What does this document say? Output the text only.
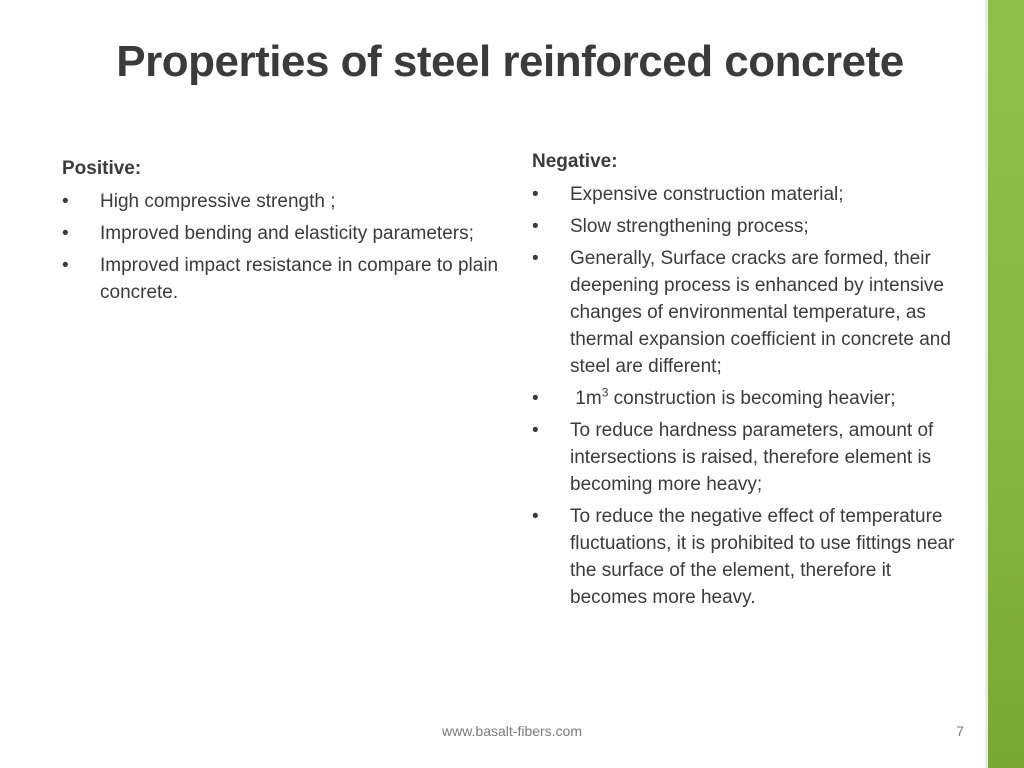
Properties of steel reinforced concrete
Positive:
• High compressive strength ;
• Improved bending and elasticity parameters;
• Improved impact resistance in compare to plain concrete.
Negative:
• Expensive construction material;
• Slow strengthening process;
• Generally, Surface cracks are formed, their deepening process is enhanced by intensive changes of environmental temperature, as thermal expansion coefficient in concrete and steel are different;
• $1m^3$ construction is becoming heavier;
• To reduce hardness parameters, amount of intersections is raised, therefore element is becoming more heavy;
• To reduce the negative effect of temperature fluctuations, it is prohibited to use fittings near the surface of the element, therefore it becomes more heavy.
www.basalt-fibers.com	7
